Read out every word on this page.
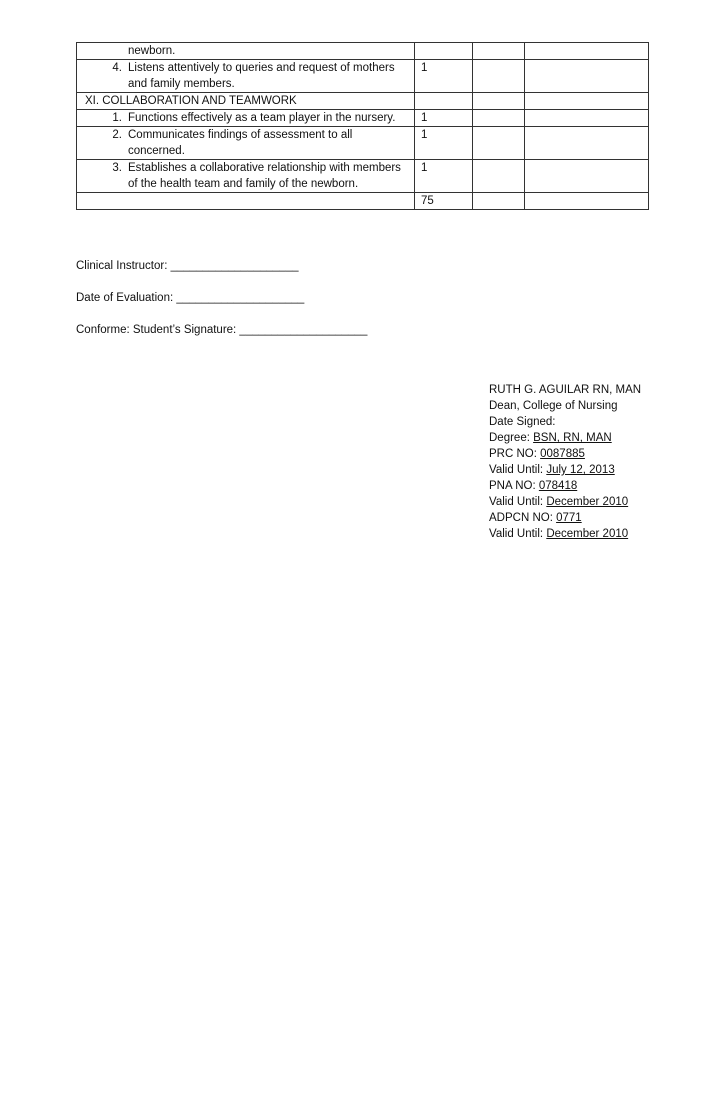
newborn.			

4. Listens attentively to queries and request of mothers and family members.	1		

XI. COLLABORATION AND TEAMWORK			

1. Functions effectively as a team player in the nursery.	1		

2. Communicates findings of assessment to all concerned.	1		

3. Establishes a collaborative relationship with members of the health team and family of the newborn.	1		
	75		
Clinical Instructor: ____________________
Date of Evaluation: ____________________
Conforme: Student’s Signature: ____________________
RUTH G. AGUILAR RN, MAN
Dean, College of Nursing
Date Signed:
Degree: BSN, RN, MAN
PRC NO: 0087885
Valid Until: July 12, 2013
PNA NO: 078418
Valid Until: December 2010
ADPCN NO: 0771
Valid Until: December 2010
